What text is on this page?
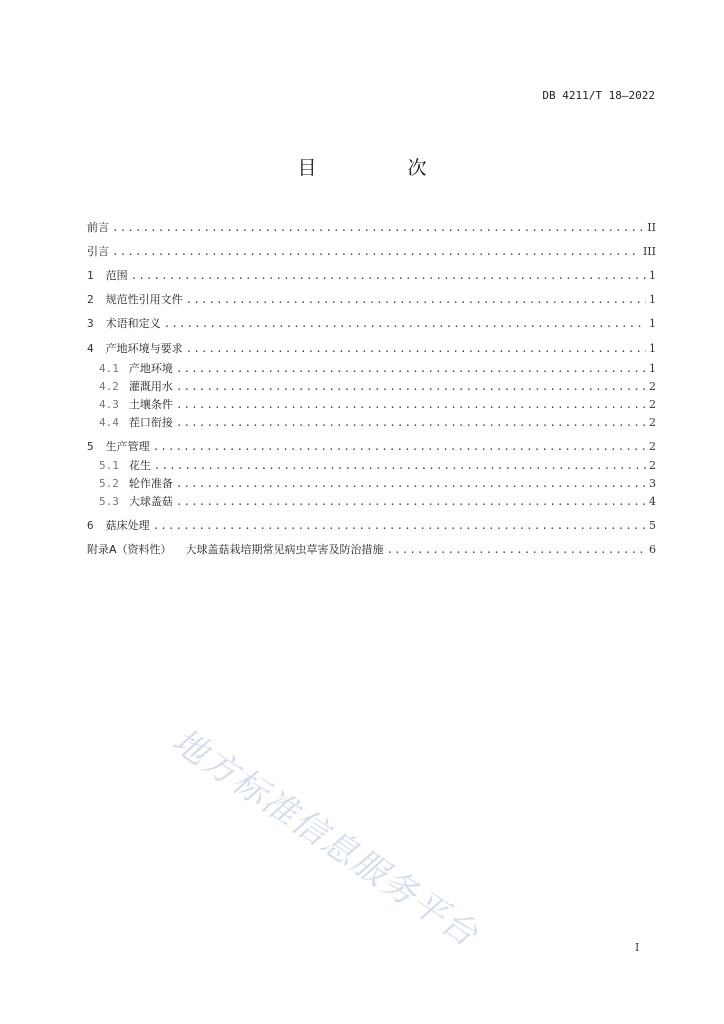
DB 4211/T 18—2022
目　次
前言 .....	II
引言 .....	III
1 范围 .....	1
2 规范性引用文件 .....	1
3 术语和定义 .....	1
4 产地环境与要求 .....	1
4.1 产地环境 .....	1
4.2 灌溉用水 .....	2
4.3 土壤条件 .....	2
4.4 茬口衔接 .....	2
5 生产管理 .....	2
5.1 花生 .....	2
5.2 轮作准备 .....	3
5.3 大球盖菇 .....	4
6 菇床处理 .....	5
附录A（资料性） 大球盖菇栽培期常见病虫草害及防治措施 .....	6
地方标准信息服务平台	I
